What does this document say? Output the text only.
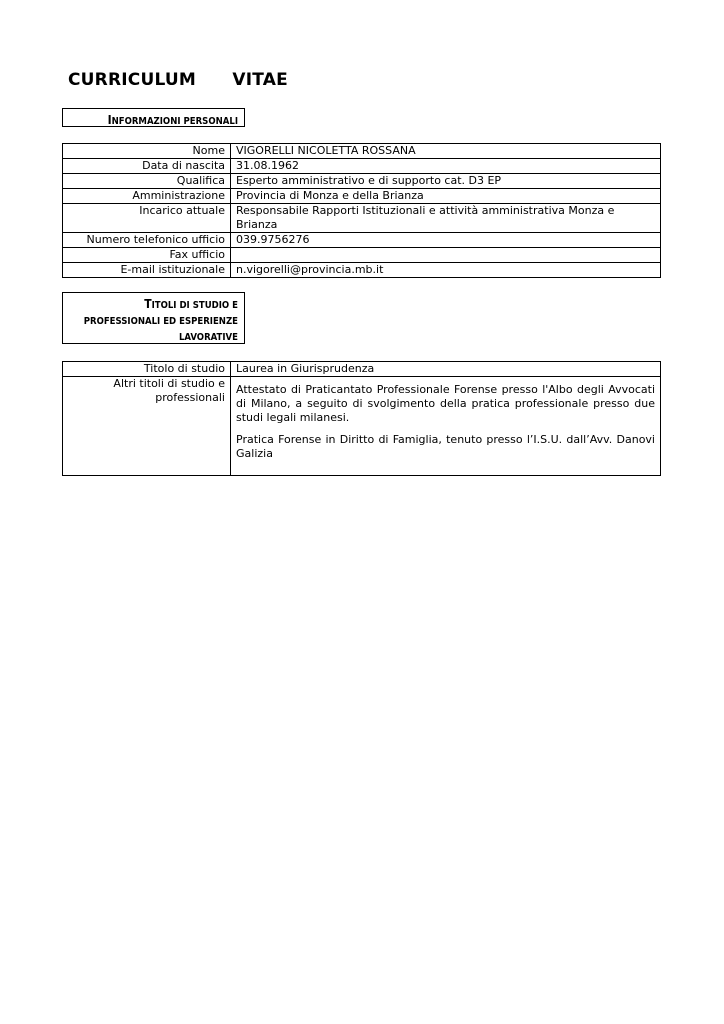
CURRICULUM   VITAE
INFORMAZIONI PERSONALI
Nome	VIGORELLI NICOLETTA ROSSANA
Data di nascita	31.08.1962
Qualifica	Esperto amministrativo e di supporto cat. D3 EP
Amministrazione	Provincia di Monza e della Brianza
Incarico attuale	Responsabile Rapporti Istituzionali e attività amministrativa Monza e Brianza
Numero telefonico ufficio	039.9756276
Fax ufficio	
E-mail istituzionale	n.vigorelli@provincia.mb.it
TITOLI DI STUDIO E
PROFESSIONALI ED ESPERIENZE
LAVORATIVE
Titolo di studio	Laurea in Giurisprudenza
Altri titoli di studio e professionali	Attestato di Praticantato Professionale Forense presso l'Albo degli Avvocati di Milano, a seguito di svolgimento della pratica professionale presso due studi legali milanesi.

Pratica Forense in Diritto di Famiglia, tenuto presso l’I.S.U. dall’Avv. Danovi Galizia
